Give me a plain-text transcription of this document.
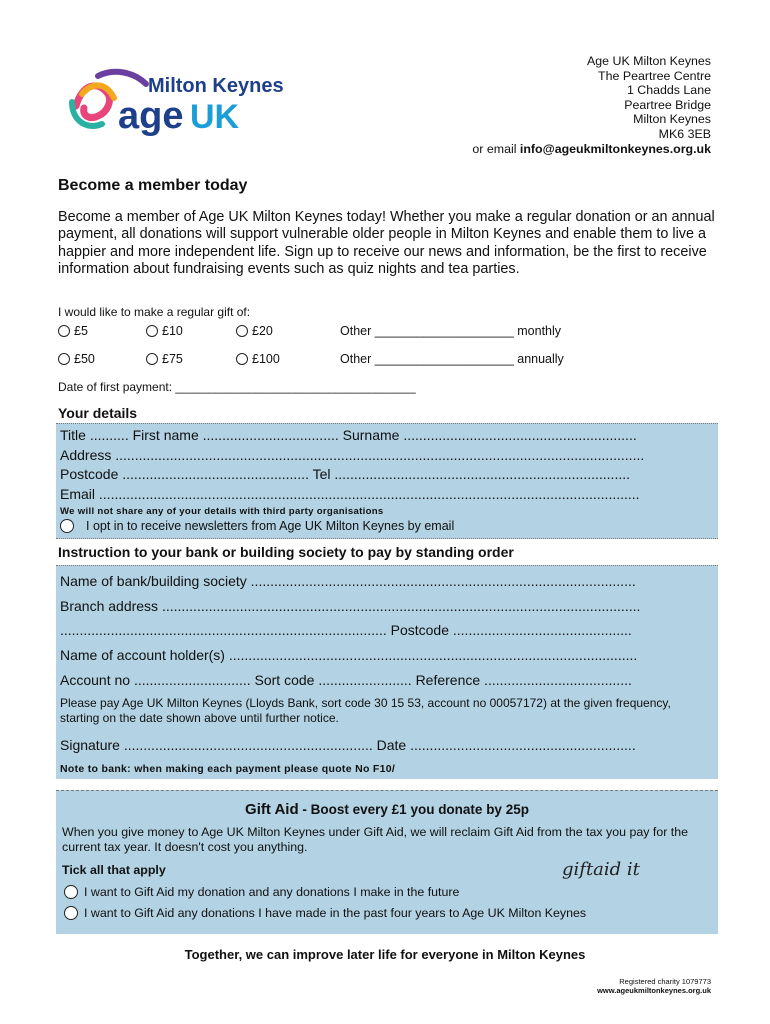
Milton Keynes
age UK
Age UK Milton Keynes
The Peartree Centre
1 Chadds Lane
Peartree Bridge
Milton Keynes
MK6 3EB
or email info@ageukmiltonkeynes.org.uk
Become a member today
Become a member of Age UK Milton Keynes today! Whether you make a regular donation or an annual payment, all donations will support vulnerable older people in Milton Keynes and enable them to live a happier and more independent life. Sign up to receive our news and information, be the first to receive information about fundraising events such as quiz nights and tea parties.
I would like to make a regular gift of:
£5	£10	£20	Other ____________________ monthly
£50	£75	£100	Other ____________________ annually
Date of first payment: ____________________________________
Your details
Title .......... First name ................................... Surname ............................................................
Address ........................................................................................................................................
Postcode ................................................ Tel ............................................................................
Email ...........................................................................................................................................
We will not share any of your details with third party organisations
I opt in to receive newsletters from Age UK Milton Keynes by email
Instruction to your bank or building society to pay by standing order
Name of bank/building society ...................................................................................................
Branch address ...........................................................................................................................
.................................................................................... Postcode ..............................................
Name of account holder(s) .........................................................................................................
Account no .............................. Sort code ........................ Reference ......................................
Please pay Age UK Milton Keynes (Lloyds Bank, sort code 30 15 53, account no 00057172) at the given frequency, starting on the date shown above until further notice.
Signature ................................................................ Date ..........................................................
Note to bank: when making each payment please quote No F10/
Gift Aid - Boost every £1 you donate by 25p
When you give money to Age UK Milton Keynes under Gift Aid, we will reclaim Gift Aid from the tax you pay for the current tax year. It doesn't cost you anything.
Tick all that apply	giftaid it
I want to Gift Aid my donation and any donations I make in the future
I want to Gift Aid any donations I have made in the past four years to Age UK Milton Keynes
Together, we can improve later life for everyone in Milton Keynes
Registered charity 1079773
www.ageukmiltonkeynes.org.uk
